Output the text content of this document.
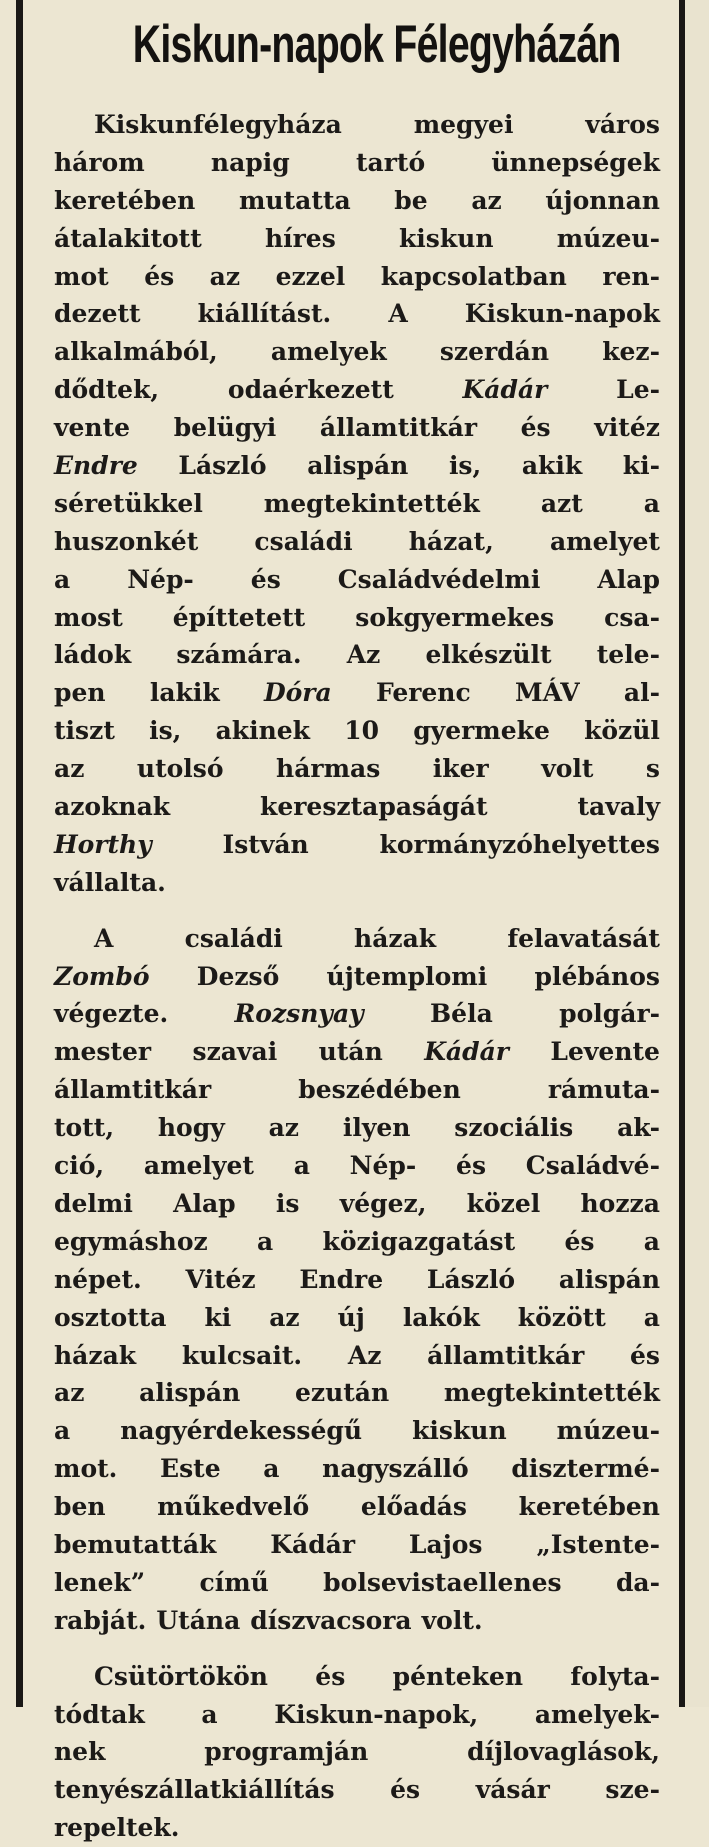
Kiskun-napok Félegyházán
Kiskunfélegyháza	megyei	város
három	napig	tartó	ünnepségek
keretében mutatta be az újonnan
átalakitott	híres	kiskun	múzeu-
mot és az ezzel kapcsolatban ren-
dezett kiállítást. A Kiskun-napok
alkalmából, amelyek szerdán kez-
dődtek,	odaérkezett	Kádár	Le-
vente belügyi államtitkár és vitéz
Endre László alispán is, akik ki-
séretükkel megtekintették azt a
huszonkét családi házat, amelyet
a Nép- és Családvédelmi Alap
most építtetett sokgyermekes csa-
ládok számára. Az elkészült tele-
pen lakik Dóra Ferenc MÁV al-
tiszt is, akinek 10 gyermeke közül
az utolsó hármas iker volt s
azoknak	keresztapaságát	tavaly
Horthy	István	kormányzóhelyettes
vállalta.
A	családi	házak	felavatását
Zombó Dezső újtemplomi plébános
végezte.	Rozsnyay	Béla	polgár-
mester szavai után Kádár Levente
államtitkár	beszédében	rámuta-
tott, hogy az ilyen szociális ak-
ció, amelyet a Nép- és Családvé-
delmi Alap is végez, közel hozza
egymáshoz a közigazgatást és a
népet. Vitéz Endre László alispán
osztotta ki az új lakók között a
házak kulcsait. Az államtitkár és
az alispán ezután megtekintették
a nagyérdekességű kiskun múzeu-
mot. Este a nagyszálló disztermé-
ben műkedvelő előadás keretében
bemutatták Kádár Lajos „Istente-
lenek” című bolsevistaellenes da-
rabját. Utána díszvacsora volt.
Csütörtökön és pénteken folyta-
tódtak a Kiskun-napok, amelyek-
nek	programján	díjlovaglások,
tenyészállatkiállítás és vásár sze-
repeltek.
